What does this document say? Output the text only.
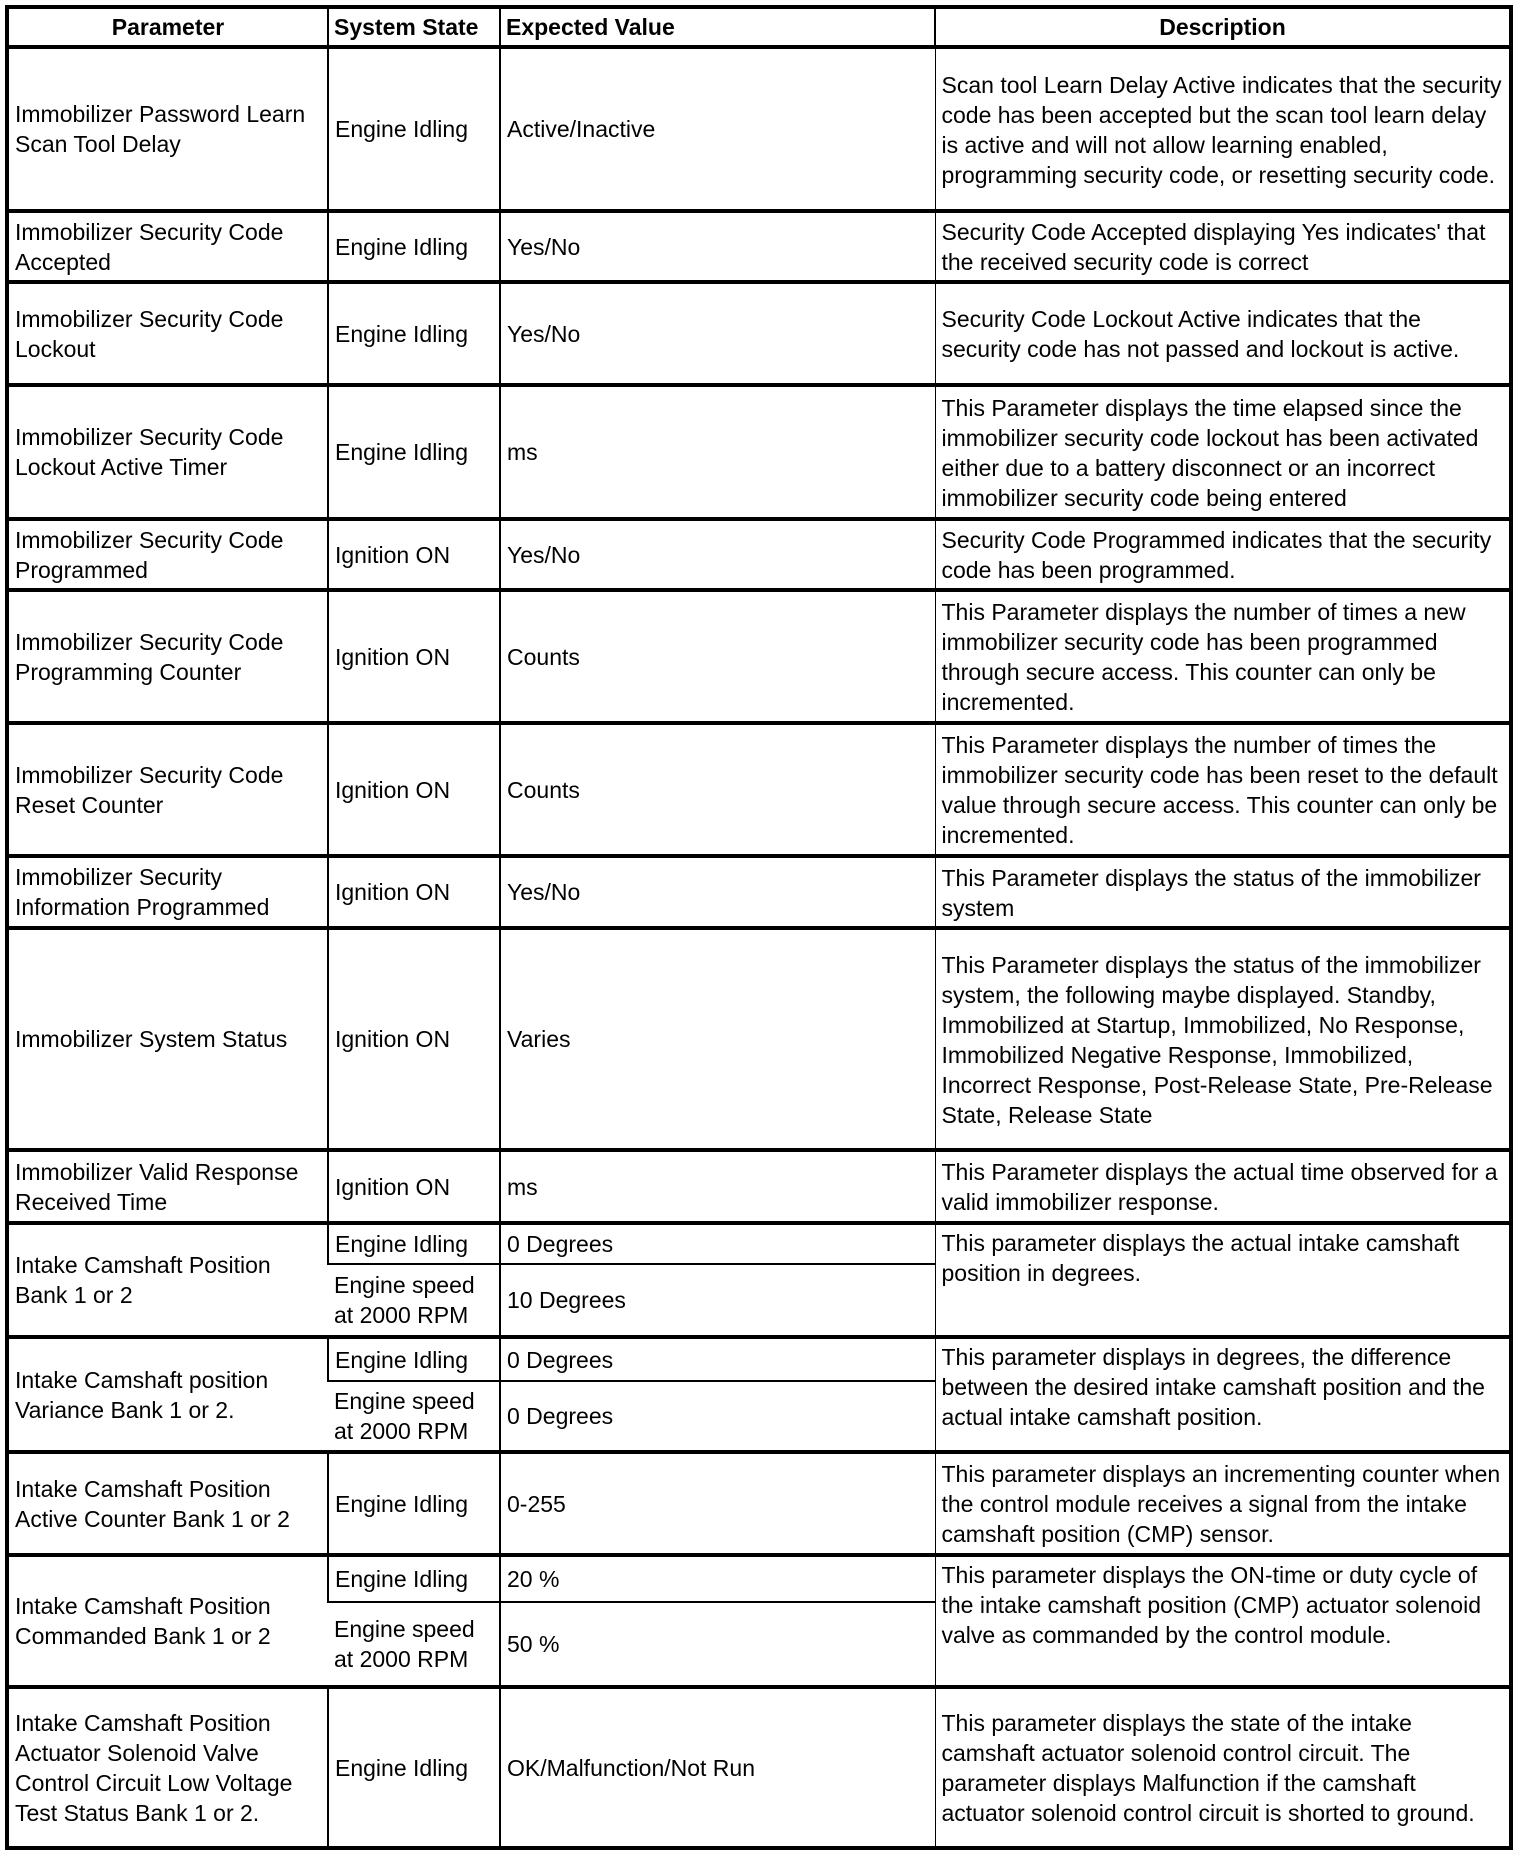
Parameter	System State	Expected Value	Description
Immobilizer Password Learn Scan Tool Delay	Engine Idling	Active/Inactive	Scan tool Learn Delay Active indicates that the security code has been accepted but the scan tool learn delay is active and will not allow learning enabled, programming security code, or resetting security code.
Immobilizer Security Code Accepted	Engine Idling	Yes/No	Security Code Accepted displaying Yes indicates' that the received security code is correct
Immobilizer Security Code Lockout	Engine Idling	Yes/No	Security Code Lockout Active indicates that the security code has not passed and lockout is active.
Immobilizer Security Code Lockout Active Timer	Engine Idling	ms	This Parameter displays the time elapsed since the immobilizer security code lockout has been activated either due to a battery disconnect or an incorrect immobilizer security code being entered
Immobilizer Security Code Programmed	Ignition ON	Yes/No	Security Code Programmed indicates that the security code has been programmed.
Immobilizer Security Code Programming Counter	Ignition ON	Counts	This Parameter displays the number of times a new immobilizer security code has been programmed through secure access. This counter can only be incremented.
Immobilizer Security Code Reset Counter	Ignition ON	Counts	This Parameter displays the number of times the immobilizer security code has been reset to the default value through secure access. This counter can only be incremented.
Immobilizer Security Information Programmed	Ignition ON	Yes/No	This Parameter displays the status of the immobilizer system
Immobilizer System Status	Ignition ON	Varies	This Parameter displays the status of the immobilizer system, the following maybe displayed. Standby, Immobilized at Startup, Immobilized, No Response, Immobilized Negative Response, Immobilized, Incorrect Response, Post-Release State, Pre-Release State, Release State
Immobilizer Valid Response Received Time	Ignition ON	ms	This Parameter displays the actual time observed for a valid immobilizer response.
Intake Camshaft Position Bank 1 or 2	Engine Idling	0 Degrees	This parameter displays the actual intake camshaft position in degrees.
	Engine speed at 2000 RPM	10 Degrees	
Intake Camshaft position Variance Bank 1 or 2.	Engine Idling	0 Degrees	This parameter displays in degrees, the difference between the desired intake camshaft position and the actual intake camshaft position.
	Engine speed at 2000 RPM	0 Degrees	
Intake Camshaft Position Active Counter Bank 1 or 2	Engine Idling	0-255	This parameter displays an incrementing counter when the control module receives a signal from the intake camshaft position (CMP) sensor.
Intake Camshaft Position Commanded Bank 1 or 2	Engine Idling	20 %	This parameter displays the ON-time or duty cycle of the intake camshaft position (CMP) actuator solenoid valve as commanded by the control module.
	Engine speed at 2000 RPM	50 %	
Intake Camshaft Position Actuator Solenoid Valve Control Circuit Low Voltage Test Status Bank 1 or 2.	Engine Idling	OK/Malfunction/Not Run	This parameter displays the state of the intake camshaft actuator solenoid control circuit. The parameter displays Malfunction if the camshaft actuator solenoid control circuit is shorted to ground.
